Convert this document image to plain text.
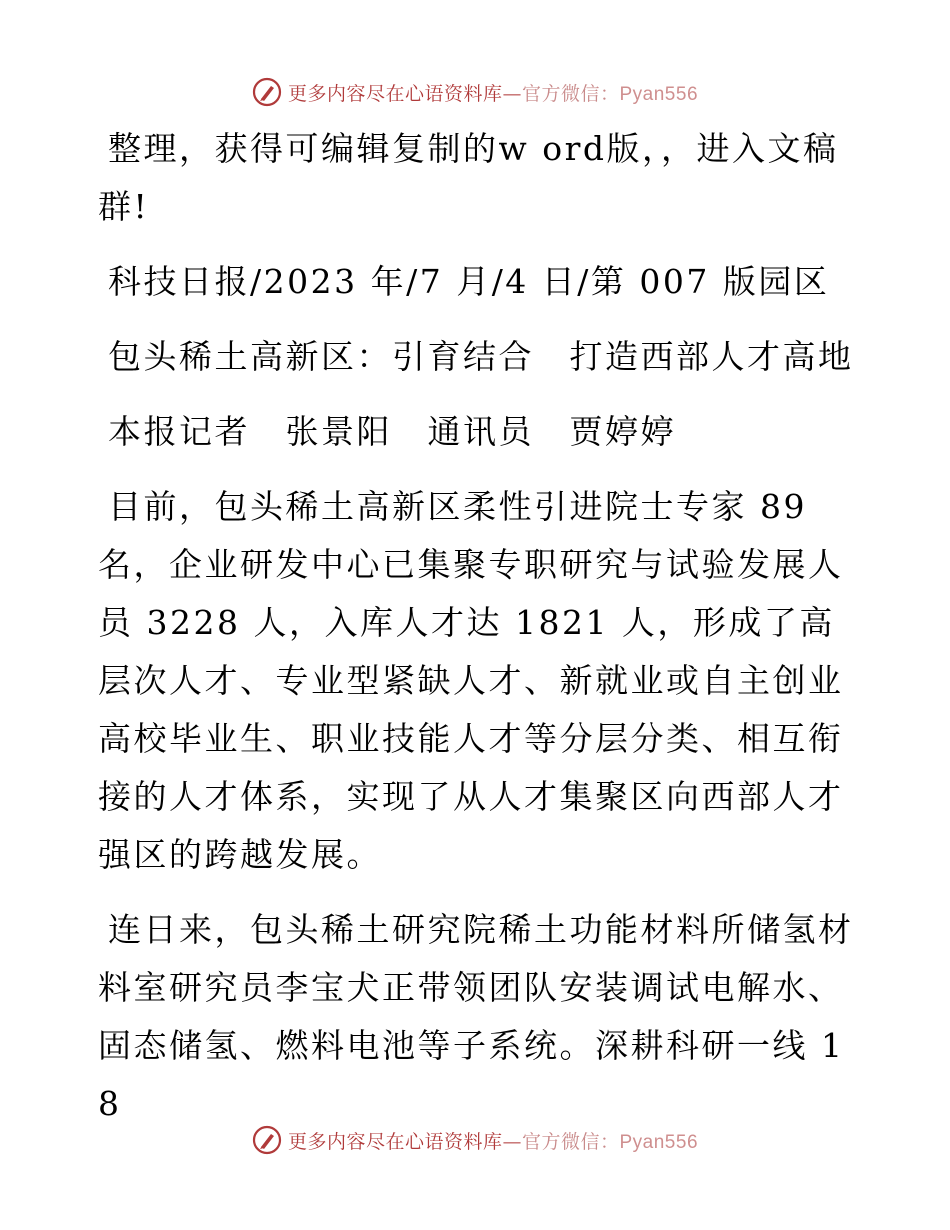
更多内容尽在心语资料库—官方微信：Pyan556

整理，获得可编辑复制的w ord版，，进入文稿群!

科技日报/2023 年/7 月/4 日/第 007 版园区

包头稀土高新区：引育结合　打造西部人才高地

本报记者　张景阳　通讯员　贾婷婷

目前，包头稀土高新区柔性引进院士专家 89 名，企业研发中心已集聚专职研究与试验发展人员 3228 人，入库人才达 1821 人，形成了高层次人才、专业型紧缺人才、新就业或自主创业高校毕业生、职业技能人才等分层分类、相互衔接的人才体系，实现了从人才集聚区向西部人才强区的跨越发展。

连日来，包头稀土研究院稀土功能材料所储氢材料室研究员李宝犬正带领团队安装调试电解水、固态储氢、燃料电池等子系统。深耕科研一线 18

更多内容尽在心语资料库—官方微信：Pyan556
